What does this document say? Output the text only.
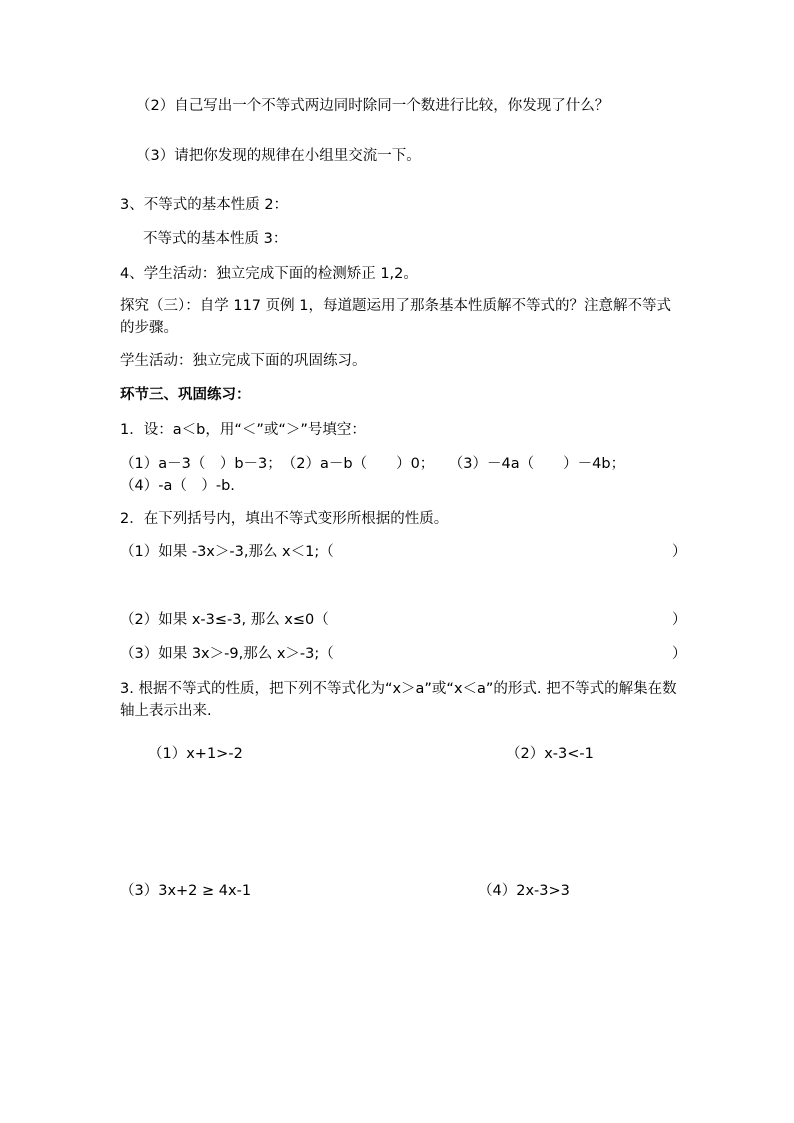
（2）自己写出一个不等式两边同时除同一个数进行比较，你发现了什么？
（3）请把你发现的规律在小组里交流一下。
3、不等式的基本性质 2：
不等式的基本性质 3：
4、学生活动：独立完成下面的检测矫正 1,2。
探究（三）：自学 117 页例 1，每道题运用了那条基本性质解不等式的？注意解不等式的步骤。
学生活动：独立完成下面的巩固练习。
环节三、巩固练习：
1．设：a＜b，用“＜”或“＞”号填空：
（1）a－3（　）b－3；　（2）a－b（　　）0；　　（3）－4a（　　）－4b；
（4）-a（　）-b.
2．在下列括号内，填出不等式变形所根据的性质。
（1）如果 -3x＞-3,那么 x＜1;（	）
（2）如果 x-3≤-3, 那么 x≤0（	）
（3）如果 3x＞-9,那么 x＞-3;（	）
3. 根据不等式的性质，把下列不等式化为“x＞a”或“x＜a”的形式. 把不等式的解集在数轴上表示出来.
（1）x+1>-2	（2）x-3<-1
（3）3x+2 ≥ 4x-1	（4）2x-3>3
